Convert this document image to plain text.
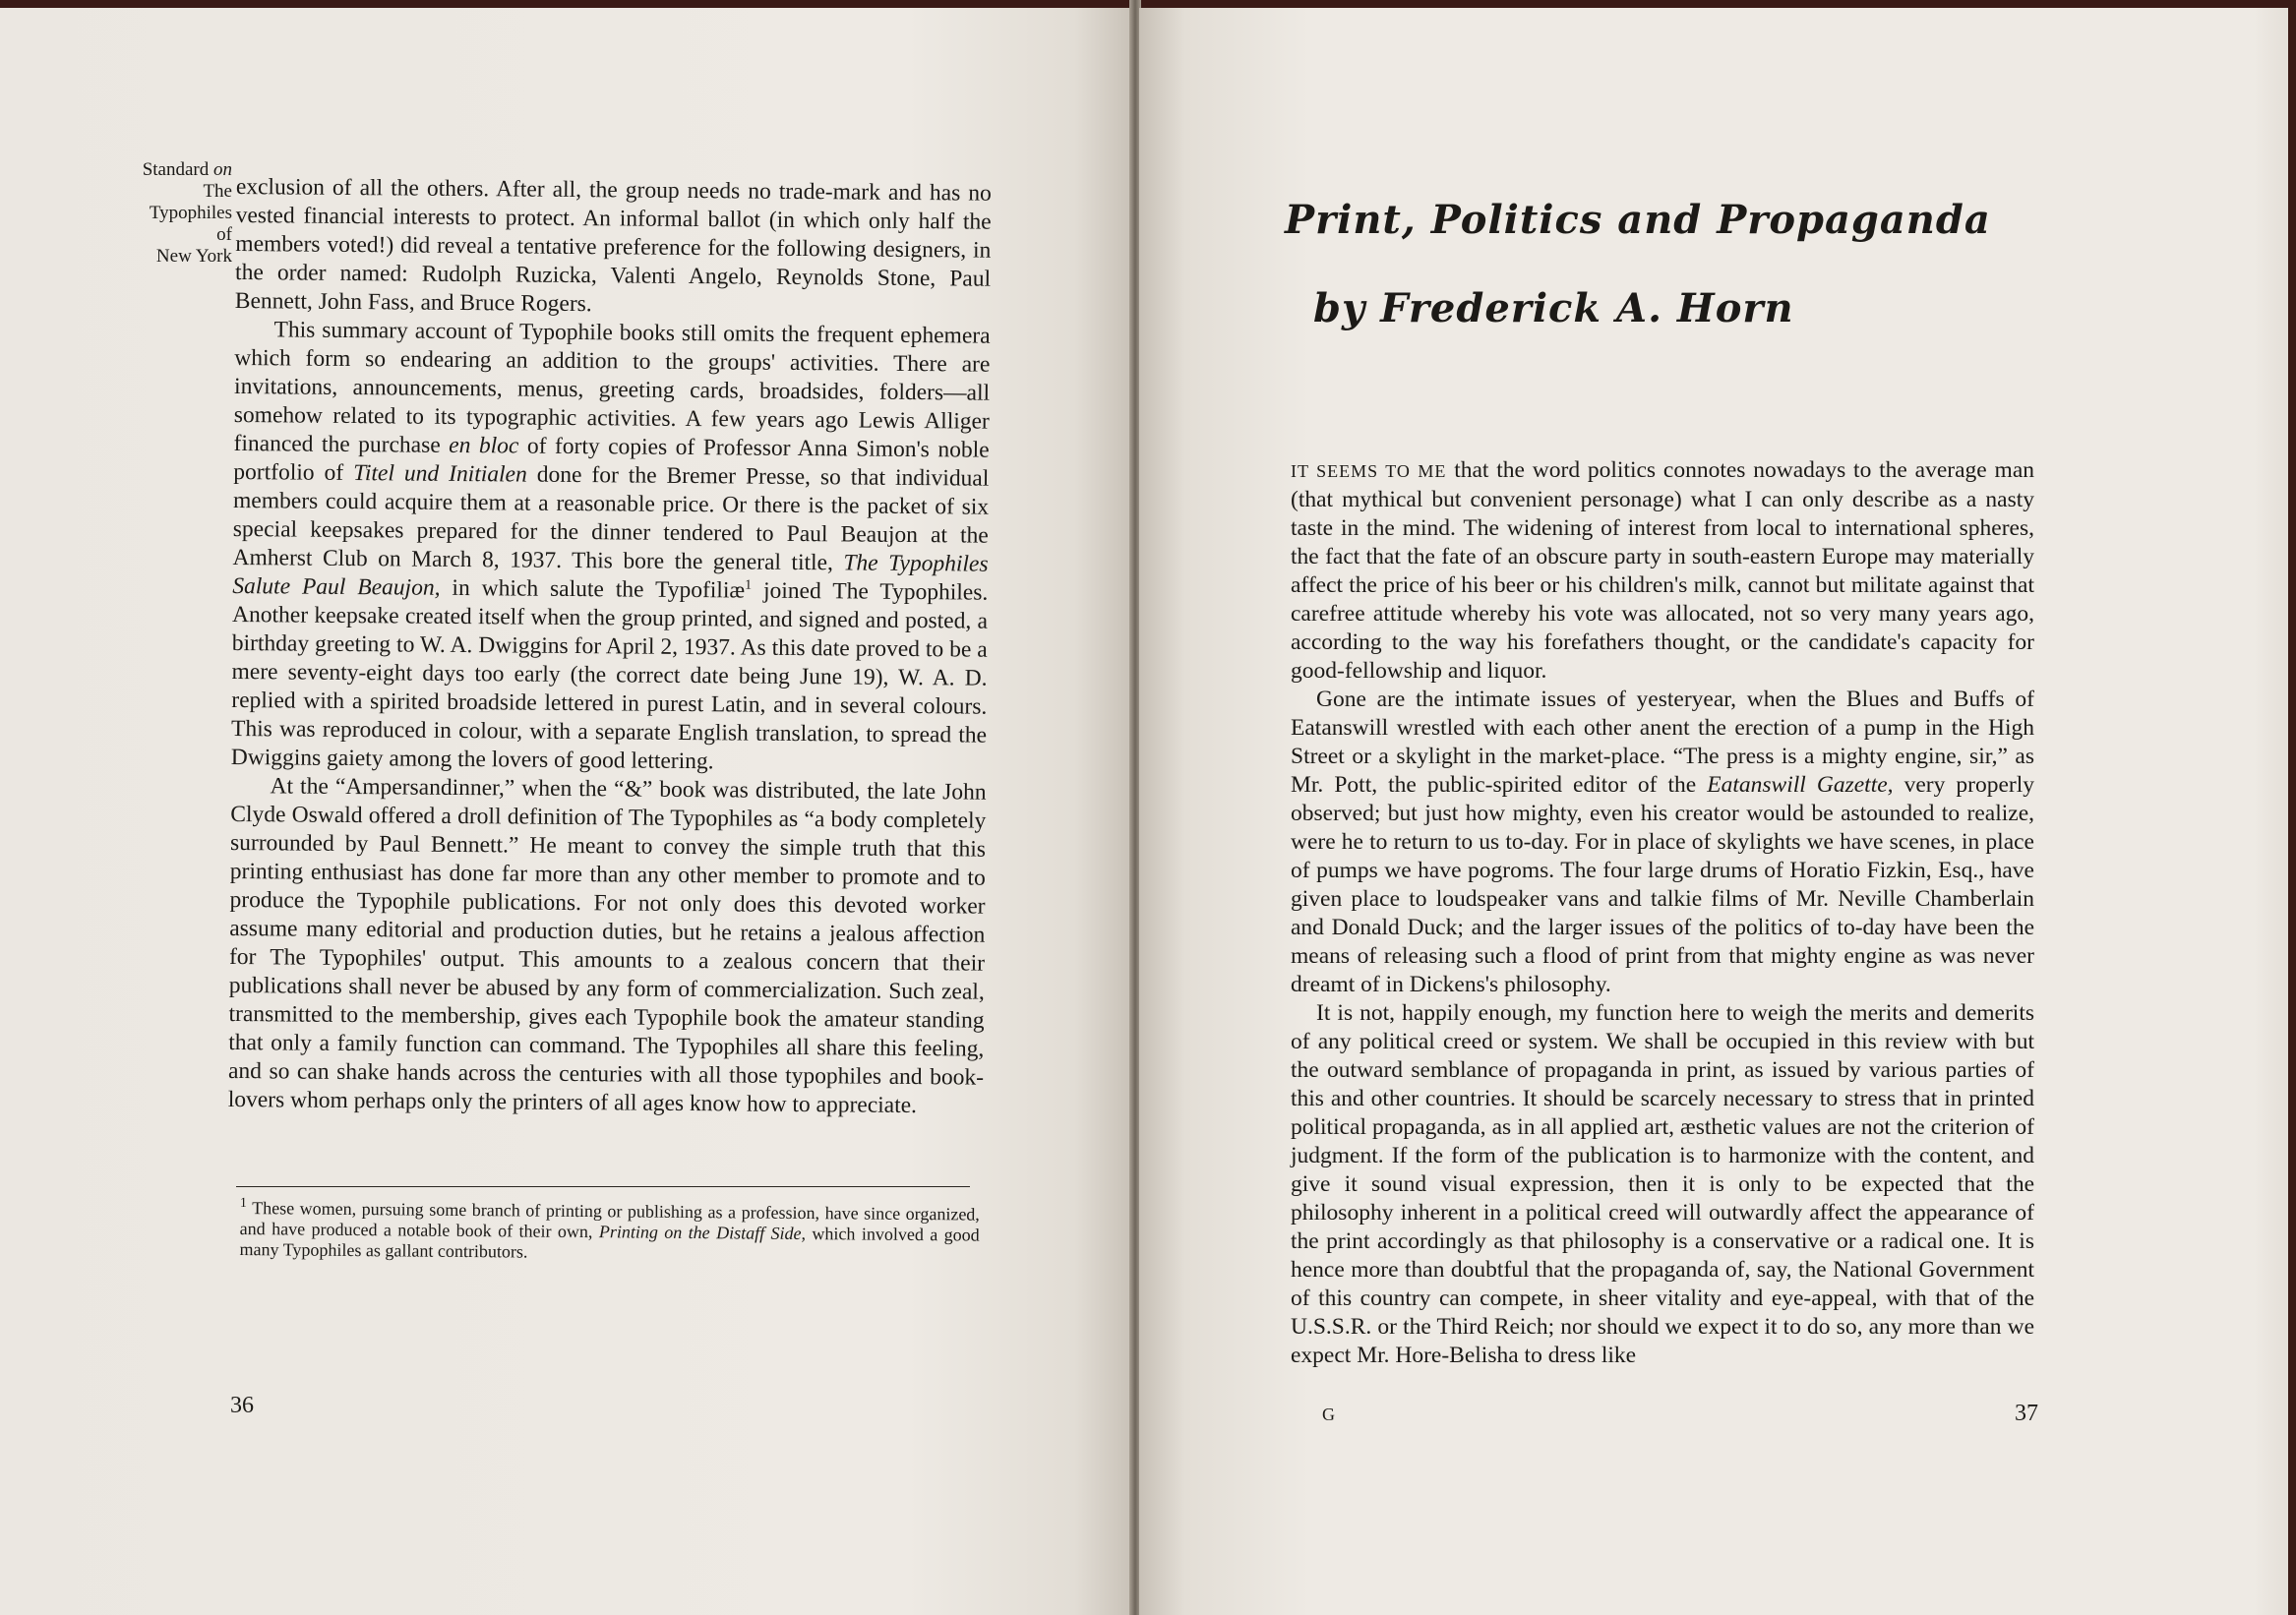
Standard on
The
Typophiles
of
New York

exclusion of all the others. After all, the group needs no trade-mark and has no vested financial interests to protect. An informal ballot (in which only half the members voted!) did reveal a tentative preference for the following designers, in the order named: Rudolph Ruzicka, Valenti Angelo, Reynolds Stone, Paul Bennett, John Fass, and Bruce Rogers.

This summary account of Typophile books still omits the frequent ephemera which form so endearing an addition to the groups' activities. There are invitations, announcements, menus, greeting cards, broadsides, folders—all somehow related to its typographic activities. A few years ago Lewis Alliger financed the purchase en bloc of forty copies of Professor Anna Simon's noble portfolio of Titel und Initialen done for the Bremer Presse, so that individual members could acquire them at a reasonable price. Or there is the packet of six special keepsakes prepared for the dinner tendered to Paul Beaujon at the Amherst Club on March 8, 1937. This bore the general title, The Typophiles Salute Paul Beaujon, in which salute the Typofiliæ$^1$ joined The Typophiles. Another keepsake created itself when the group printed, and signed and posted, a birthday greeting to W. A. Dwiggins for April 2, 1937. As this date proved to be a mere seventy-eight days too early (the correct date being June 19), W. A. D. replied with a spirited broadside lettered in purest Latin, and in several colours. This was reproduced in colour, with a separate English translation, to spread the Dwiggins gaiety among the lovers of good lettering.

At the “Ampersandinner,” when the “&” book was distributed, the late John Clyde Oswald offered a droll definition of The Typophiles as “a body completely surrounded by Paul Bennett.” He meant to convey the simple truth that this printing enthusiast has done far more than any other member to promote and to produce the Typophile publications. For not only does this devoted worker assume many editorial and production duties, but he retains a jealous affection for The Typophiles' output. This amounts to a zealous concern that their publications shall never be abused by any form of commercialization. Such zeal, transmitted to the membership, gives each Typophile book the amateur standing that only a family function can command. The Typophiles all share this feeling, and so can shake hands across the centuries with all those typophiles and book-lovers whom perhaps only the printers of all ages know how to appreciate.

$^1$ These women, pursuing some branch of printing or publishing as a profession, have since organized, and have produced a notable book of their own, Printing on the Distaff Side, which involved a good many Typophiles as gallant contributors.
36
Print, Politics and Propaganda
by Frederick A. Horn

IT SEEMS TO ME that the word politics connotes nowadays to the average man (that mythical but convenient personage) what I can only describe as a nasty taste in the mind. The widening of interest from local to international spheres, the fact that the fate of an obscure party in south-eastern Europe may materially affect the price of his beer or his children's milk, cannot but militate against that carefree attitude whereby his vote was allocated, not so very many years ago, according to the way his forefathers thought, or the candidate's capacity for good-fellowship and liquor.

Gone are the intimate issues of yesteryear, when the Blues and Buffs of Eatanswill wrestled with each other anent the erection of a pump in the High Street or a skylight in the market-place. “The press is a mighty engine, sir,” as Mr. Pott, the public-spirited editor of the Eatanswill Gazette, very properly observed; but just how mighty, even his creator would be astounded to realize, were he to return to us to-day. For in place of skylights we have scenes, in place of pumps we have pogroms. The four large drums of Horatio Fizkin, Esq., have given place to loudspeaker vans and talkie films of Mr. Neville Chamberlain and Donald Duck; and the larger issues of the politics of to-day have been the means of releasing such a flood of print from that mighty engine as was never dreamt of in Dickens's philosophy.

It is not, happily enough, my function here to weigh the merits and demerits of any political creed or system. We shall be occupied in this review with but the outward semblance of propaganda in print, as issued by various parties of this and other countries. It should be scarcely necessary to stress that in printed political propaganda, as in all applied art, æsthetic values are not the criterion of judgment. If the form of the publication is to harmonize with the content, and give it sound visual expression, then it is only to be expected that the philosophy inherent in a political creed will outwardly affect the appearance of the print accordingly as that philosophy is a conservative or a radical one. It is hence more than doubtful that the propaganda of, say, the National Government of this country can compete, in sheer vitality and eye-appeal, with that of the U.S.S.R. or the Third Reich; nor should we expect it to do so, any more than we expect Mr. Hore-Belisha to dress like

G	37
